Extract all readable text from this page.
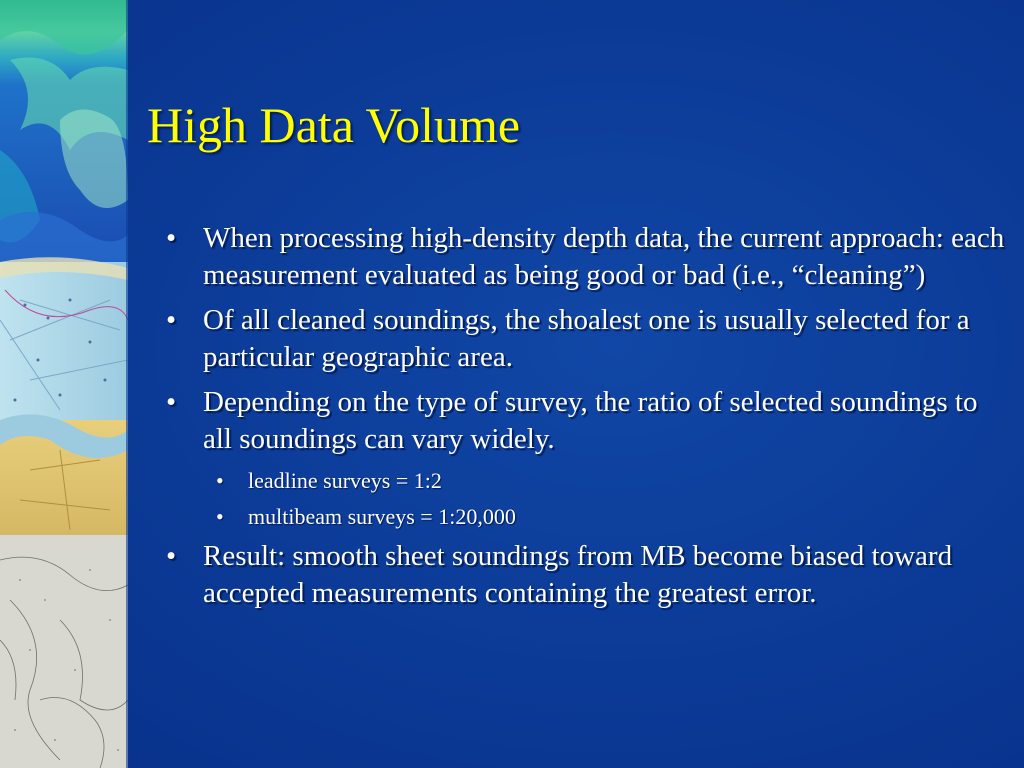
High Data Volume
• When processing high-density depth data, the current approach: each measurement evaluated as being good or bad (i.e., “cleaning”)
• Of all cleaned soundings, the shoalest one is usually selected for a particular geographic area.
• Depending on the type of survey, the ratio of selected soundings to all soundings can vary widely.
• leadline surveys = 1:2
• multibeam surveys = 1:20,000
• Result: smooth sheet soundings from MB become biased toward accepted measurements containing the greatest error.
